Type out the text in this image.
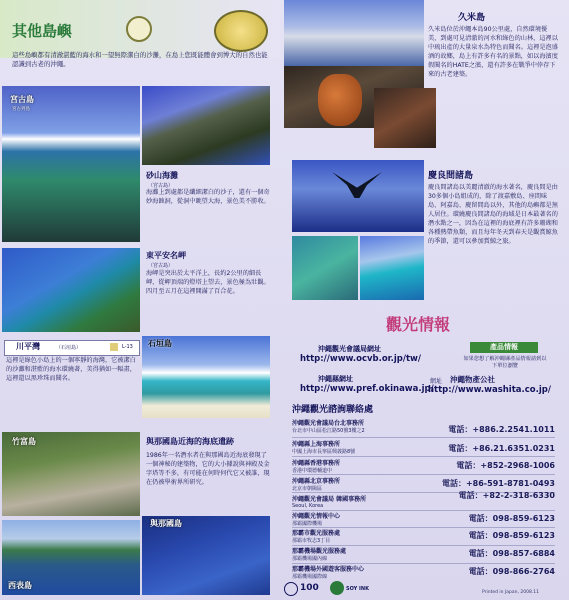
其他島嶼
這些島嶼都有清澈湛藍的海水和一望無際潔白的沙灘，在島上您既能體會到博大的自然也能認識到古老的沖繩。
宮古島
宮古列島
砂山海灘
（宮古島）
海灘上到處都是纖細潔白的沙子，還有一個奇妙海蝕洞，從洞中眺望大海，景色美不勝收。
東平安名岬
（宮古島）
海岬是突出於太平洋上，長約2公里的細長岬，從岬頂端的燈塔上望去，景色極為壯觀。四月至五月在這裡開滿了百合花。
川平灣	（石垣島）	L-13
這裡是綠色小島上的一個寧靜的海灣，它被潔白的沙灘和湛藍的海水環繞著，美得猶如一幅畫，這裡還以黑珍珠而聞名。
石垣島
竹富島	與那國島近海的海底遺跡
1986年一名潛水者在與那國島近海底發現了一個神秘的建築物，它的大小據說與神殿及金字塔等不多，有可能在何時何代它又被誰，現在仍被學術界所研究。
西表島
與那國島
久米島
久米島位於沖繩本島90公里處，自然環境優美，到處可見清澈的河水和綠色的山林，這裡以中琉出產的大量泉水為特色而聞名。這裡是泡盛酒的故鄉，島上有許多有名的景點，如以海濱度假聞名的HATE之濱，還有許多在戰爭中倖存下來的古老建築。
慶良間諸島
慶良間諸島以美麗清澈的海水著名，慶良間是由30多個小島組成的，除了渡嘉敷島、座間味島、阿嘉島、慶留間島以外，其他的島嶼都是無人居住。環繞慶良間諸島的海域是日本最著名的潛水點之一，因為在這裡的海底裡有許多珊瑚和各種熱帶魚類，而且每年冬天到春天是觀賞鯨魚的季節，還可以參加賞鯨之旅。
觀光情報
沖繩觀光會議局網址
http://www.ocvb.or.jp/tw/
沖繩縣網址
http://www.pref.okinawa.jp/
產品情報
如果您想了解沖繩縣產品情報請到以下單位瀏覽
網址 沖繩物產公社
http://www.washita.co.jp/
沖繩觀光諮詢聯絡處
沖繩觀光會議局台北事務所
台北市中山區松江路50號3樓之2	電話：+886.2.2541.1011
沖繩縣上海事務所
中國上海市長寧區興義路8號	電話：+86.21.6351.0231
沖繩縣香港事務所
香港中環德輔道中
電話：+852-2968-1006
沖繩縣北京事務所
北京市朝陽區
電話：+86-591-8781-0493
沖繩觀光會議局 韓國事務所
Seoul, Korea
電話：+82-2-318-6330
沖繩觀光情報中心
那霸國際機場
電話：098-859-6123
那霸市觀光服務處
那霸市牧志3丁目
電話：098-859-6123
那霸機場觀光服務處
那霸機場國內線
電話：098-857-6884
那霸機場外國遊客服務中心
那霸機場國際線
電話：098-866-2764
100	SOY INK
Printed in Japan, 2008.11
